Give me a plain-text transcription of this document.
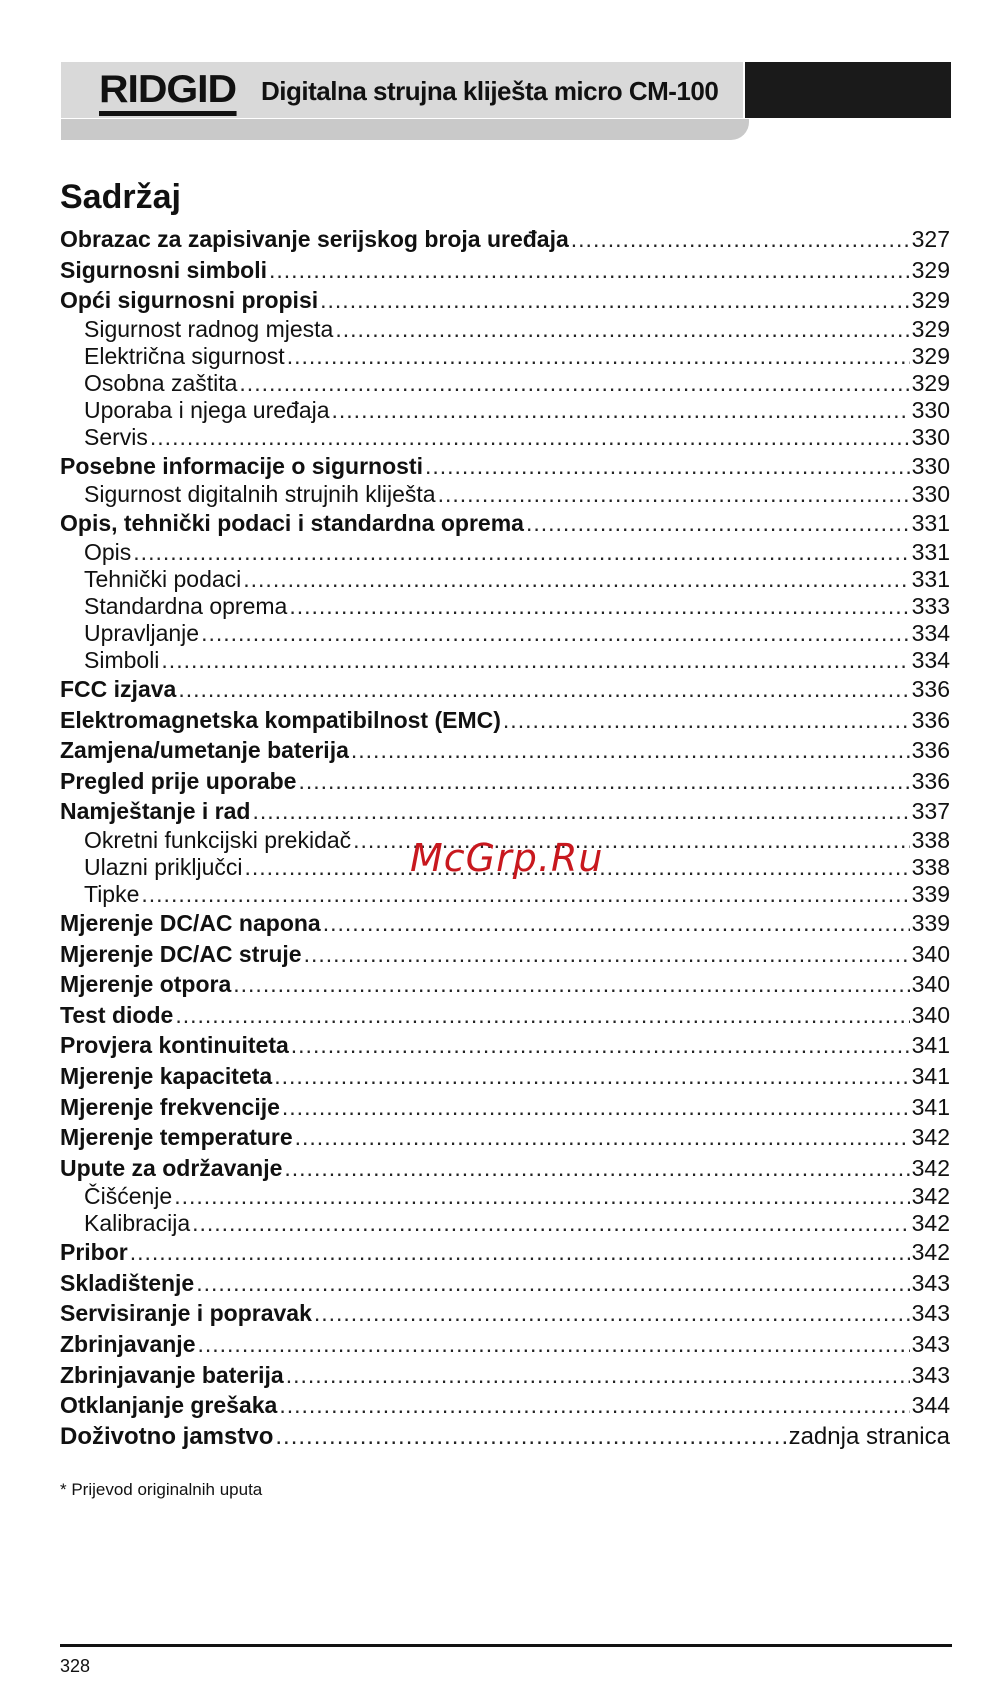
RIDGID Digitalna strujna kliješta micro CM-100
Sadržaj
Obrazac za zapisivanje serijskog broja uređaja .....	327
Sigurnosni simboli .....	329
Opći sigurnosni propisi .....	329
Sigurnost radnog mjesta .....	329
Električna sigurnost .....	329
Osobna zaštita .....	329
Uporaba i njega uređaja .....	330
Servis .....	330
Posebne informacije o sigurnosti .....	330
Sigurnost digitalnih strujnih kliješta .....	330
Opis, tehnički podaci i standardna oprema .....	331
Opis .....	331
Tehnički podaci .....	331
Standardna oprema .....	333
Upravljanje .....	334
Simboli .....	334
FCC izjava .....	336
Elektromagnetska kompatibilnost (EMC) .....	336
Zamjena/umetanje baterija .....	336
Pregled prije uporabe .....	336
Namještanje i rad .....	337
Okretni funkcijski prekidač .....	338
Ulazni priključci .....	338
Tipke .....	339
Mjerenje DC/AC napona .....	339
Mjerenje DC/AC struje .....	340
Mjerenje otpora .....	340
Test diode .....	340
Provjera kontinuiteta .....	341
Mjerenje kapaciteta .....	341
Mjerenje frekvencije .....	341
Mjerenje temperature .....	342
Upute za održavanje .....	342
Čišćenje .....	342
Kalibracija .....	342
Pribor .....	342
Skladištenje .....	343
Servisiranje i popravak .....	343
Zbrinjavanje .....	343
Zbrinjavanje baterija .....	343
Otklanjanje grešaka .....	344
Doživotno jamstvo .....	zadnja stranica
McGrp.Ru

* Prijevod originalnih uputa

328
